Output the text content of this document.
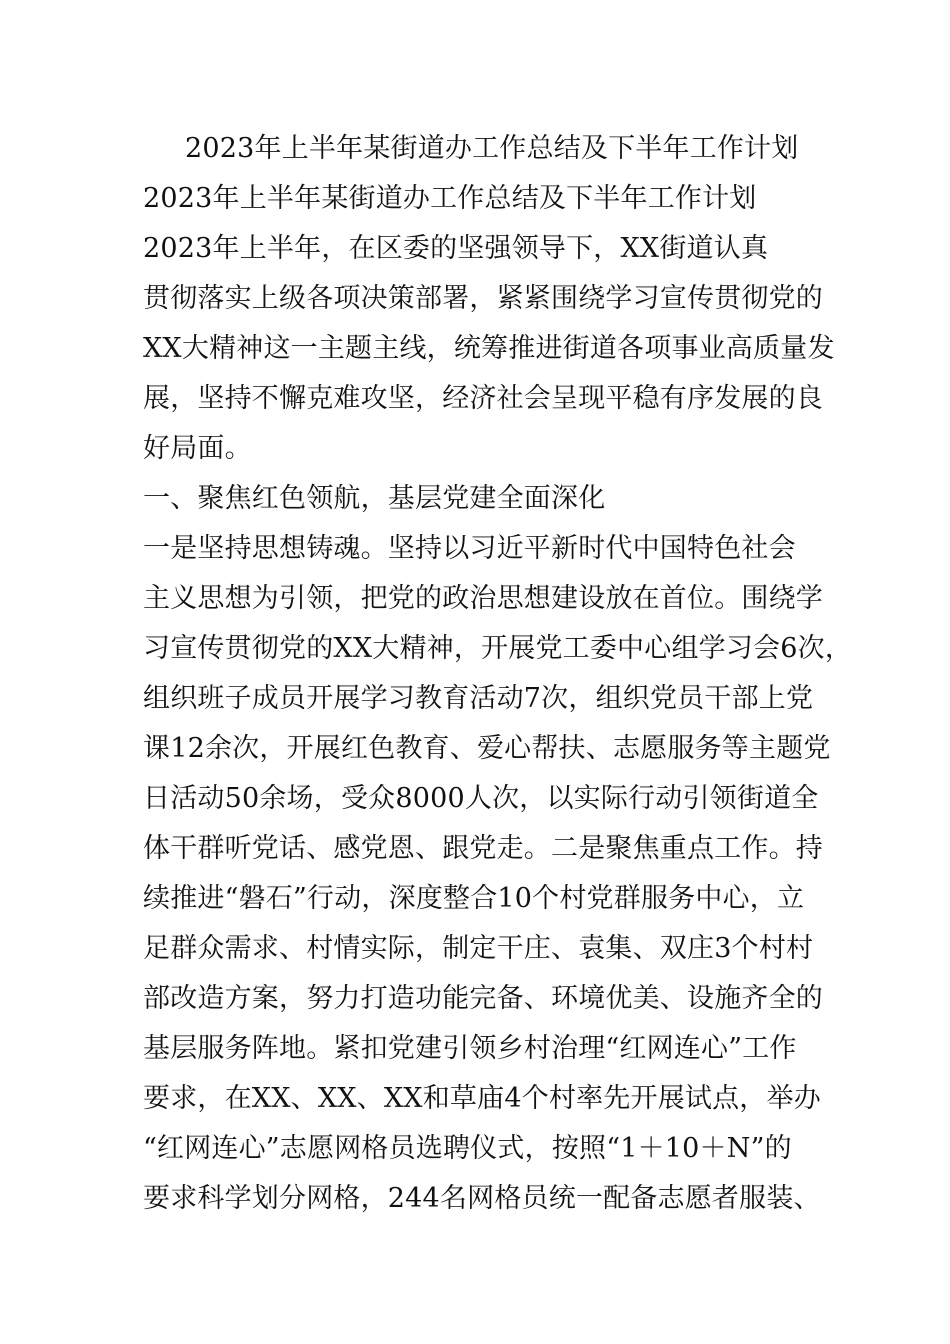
2023年上半年某街道办工作总结及下半年工作计划
2023年上半年某街道办工作总结及下半年工作计划
2023年上半年，在区委的坚强领导下，XX街道认真
贯彻落实上级各项决策部署，紧紧围绕学习宣传贯彻党的
XX大精神这一主题主线，统筹推进街道各项事业高质量发
展，坚持不懈克难攻坚，经济社会呈现平稳有序发展的良
好局面。
一、聚焦红色领航，基层党建全面深化
一是坚持思想铸魂。坚持以习近平新时代中国特色社会
主义思想为引领，把党的政治思想建设放在首位。围绕学
习宣传贯彻党的XX大精神，开展党工委中心组学习会6次，
组织班子成员开展学习教育活动7次，组织党员干部上党
课12余次，开展红色教育、爱心帮扶、志愿服务等主题党
日活动50余场，受众8000人次，以实际行动引领街道全
体干群听党话、感党恩、跟党走。二是聚焦重点工作。持
续推进“磐石”行动，深度整合10个村党群服务中心，立
足群众需求、村情实际，制定干庄、袁集、双庄3个村村
部改造方案，努力打造功能完备、环境优美、设施齐全的
基层服务阵地。紧扣党建引领乡村治理“红网连心”工作
要求，在XX、XX、XX和草庙4个村率先开展试点，举办
“红网连心”志愿网格员选聘仪式，按照“1＋10＋N”的
要求科学划分网格，244名网格员统一配备志愿者服装、
